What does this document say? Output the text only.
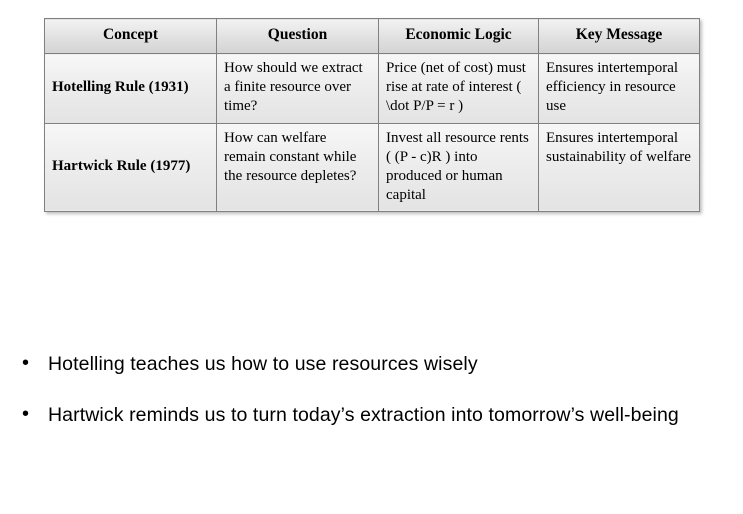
Concept	Question	Economic Logic	Key Message
Hotelling Rule (1931)	How should we extract a finite resource over time?	Price (net of cost) must rise at rate of interest ( \dot P/P = r )	Ensures intertemporal efficiency in resource use
Hartwick Rule (1977)	How can welfare remain constant while the resource depletes?	Invest all resource rents ( (P - c)R ) into produced or human capital	Ensures intertemporal sustainability of welfare
• Hotelling teaches us how to use resources wisely
• Hartwick reminds us to turn today’s extraction into tomorrow’s well-being
